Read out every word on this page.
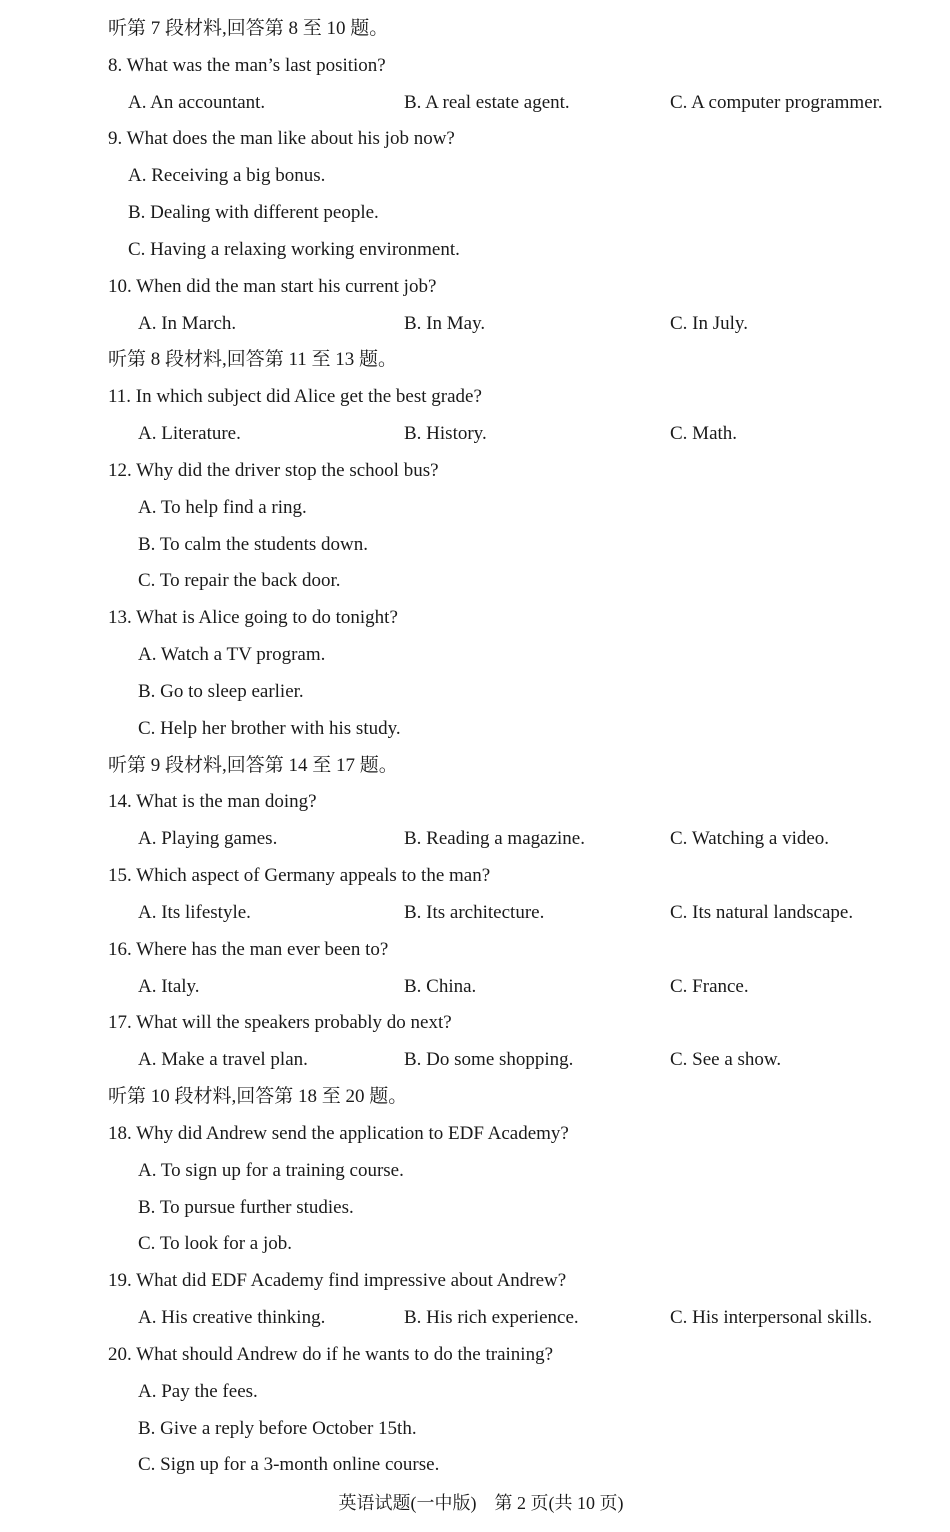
听第 7 段材料,回答第 8 至 10 题。
8. What was the man’s last position?
A. An accountant.	B. A real estate agent.	C. A computer programmer.
9. What does the man like about his job now?
A. Receiving a big bonus.
B. Dealing with different people.
C. Having a relaxing working environment.
10. When did the man start his current job?
A. In March.	B. In May.	C. In July.
听第 8 段材料,回答第 11 至 13 题。
11. In which subject did Alice get the best grade?
A. Literature.	B. History.	C. Math.
12. Why did the driver stop the school bus?
A. To help find a ring.
B. To calm the students down.
C. To repair the back door.
13. What is Alice going to do tonight?
A. Watch a TV program.
B. Go to sleep earlier.
C. Help her brother with his study.
听第 9 段材料,回答第 14 至 17 题。
14. What is the man doing?
A. Playing games.	B. Reading a magazine.	C. Watching a video.
15. Which aspect of Germany appeals to the man?
A. Its lifestyle.	B. Its architecture.	C. Its natural landscape.
16. Where has the man ever been to?
A. Italy.	B. China.	C. France.
17. What will the speakers probably do next?
A. Make a travel plan.	B. Do some shopping.	C. See a show.
听第 10 段材料,回答第 18 至 20 题。
18. Why did Andrew send the application to EDF Academy?
A. To sign up for a training course.
B. To pursue further studies.
C. To look for a job.
19. What did EDF Academy find impressive about Andrew?
A. His creative thinking.	B. His rich experience.	C. His interpersonal skills.
20. What should Andrew do if he wants to do the training?
A. Pay the fees.
B. Give a reply before October 15th.
C. Sign up for a 3-month online course.
英语试题(一中版)　第 2 页(共 10 页)
